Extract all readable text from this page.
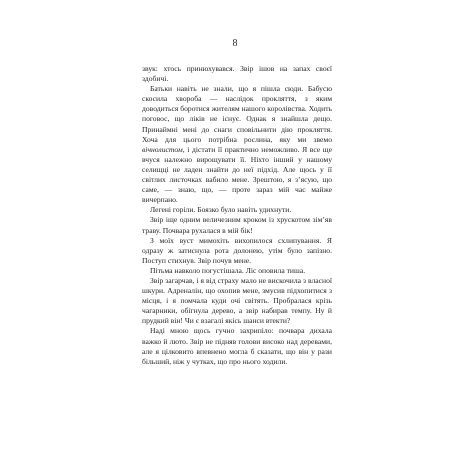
8

звук: хтось принюхувався. Звір ішов на запах своєї здобичі.

Батьки навіть не знали, що я пішла сюди. Бабусю скосила хвороба — наслідок прокляття, з яким доводиться боротися жителям нашого королівства. Ходить поговос, що ліків не існує. Однак я знайшла дещо. Принаймні мені до снаги сповільнити дію прокляття. Хоча для цього потрібна рослина, яку ми звемо вічнолистом, і дістати її практично неможливо. Я все ще вчуся належно вирощувати її. Ніхто інший у нашому селищці не ладен знайти до неї підхід. Але щось у її світлих листочках вабило мене. Зрештою, я з’ясую, що саме, — знаю, що, — проте зараз мій час майже вичерпано.

Легені горіли. Боязко було навіть удихнути.

Звір іще одним величезним кроком із хрускотом зім’яв траву. Почвара рухалася в мій бік!

З моїх вуст мимохіть вихопилося схлипування. Я одразу ж затиснула рота долонею, утім було запізно. Поступ стихнув. Звір почув мене.

Пітьма навколо погустішала. Ліс оповила тиша.

Звір загарчав, і я від страху мало не вискочила з власної шкури. Адреналін, що охопив мене, змусив підхопитися з місця, і я помчала куди очі світять. Пробралася крізь чагарники, обігнула дерево, а звір набирав темпу. Ну й прудкий він! Чи є взагалі якісь шанси втекти?

Наді мною щось гучно захрипіло: почвара дихала важко й люто. Звір не підняв голови високо над деревами, але я цілковито впевнено могла б сказати, що він у рази більший, ніж у чутках, що про нього ходили.
